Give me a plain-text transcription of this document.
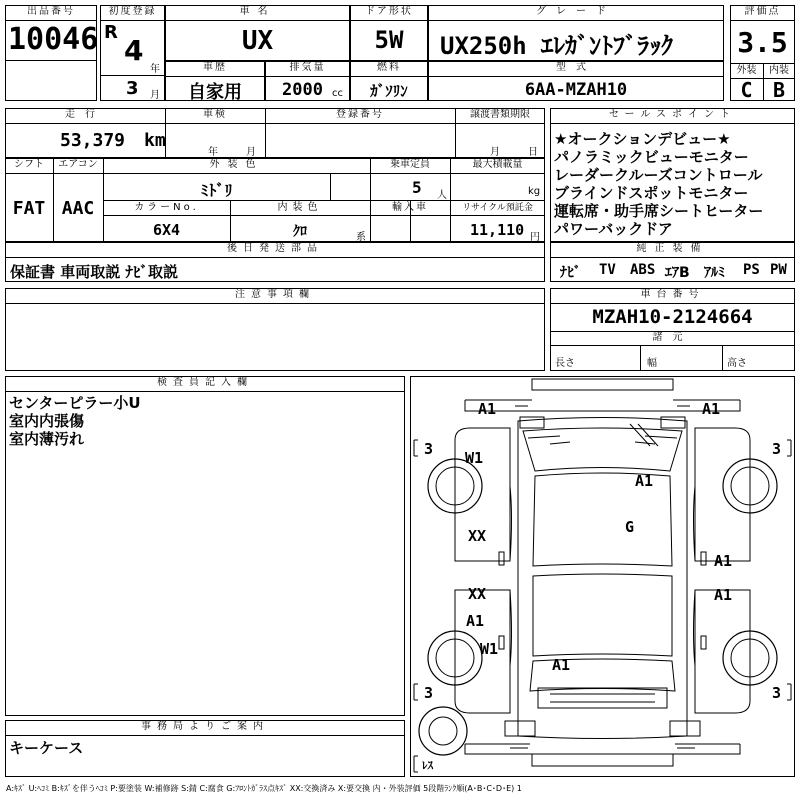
出品番号
10046
初度登録
R
4
年
3 月
車名
UX
ドア形状
5W
グレード
UX250h ｴﾚｶﾞﾝﾄﾌﾞﾗｯｸ
評価点
3.5
外装	内装
C	B
車歴
自家用
排気量
2000 cc
燃料
ｶﾞｿﾘﾝ
型式
6AA-MZAH10
走行
53,379 km
車検
年	月
登録番号	譲渡書類期限
月	日
シフト	エアコン
FAT AAC
外装色
ﾐﾄﾞﾘ
乗車定員
5 人
最大積載量
kg
カラーNo.
6X4
内装色
ｸﾛ	系
輸入車	リサイクル預託金
11,110 円
後日発送部品
保証書 車両取説 ﾅﾋﾞ取説
セールスポイント
★オークションデビュー★
パノラミックビューモニター
レーダークルーズコントロール
ブラインドスポットモニター
運転席・助手席シートヒーター
パワーバックドア
純正装備
ﾅﾋﾞ TV ABS ｴｱB ｱﾙﾐ PS PW
注意事項欄	車台番号
MZAH10-2124664
諸元
長さ	幅	高さ
検査員記入欄
センターピラー小U
室内内張傷
室内薄汚れ
事務局よりご案内
キーケース
A1	A1
W1
A1
G
XX
A1
XX
A1
A1
W1
A1
3	3
3	3
ﾚｽ
A:ｷｽﾞ U:ﾍｺﾐ B:ｷｽﾞを伴うﾍｺﾐ P:要塗装 W:補修跡 S:錆 C:腐食 G:ﾌﾛﾝﾄｶﾞﾗｽ点ｷｽﾞ XX:交換済み X:要交換 内・外装評価 5段階ﾗﾝｸ順(A･B･C･D･E) 1
